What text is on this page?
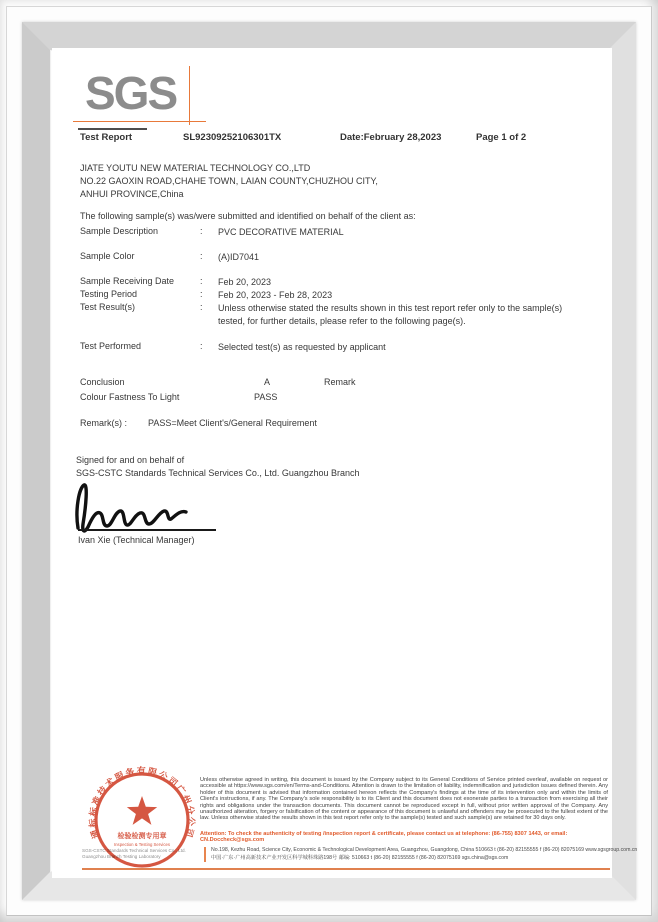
SGS
Test Report	SL92309252106301TX	Date:February 28,2023	Page 1 of 2
JIATE YOUTU NEW MATERIAL TECHNOLOGY CO.,LTD
NO.22 GAOXIN ROAD,CHAHE TOWN, LAIAN COUNTY,CHUZHOU CITY,
ANHUI PROVINCE,China
The following sample(s) was/were submitted and identified on behalf of the client as:
Sample Description	: PVC DECORATIVE MATERIAL
Sample Color	: (A)ID7041
Sample Receiving Date	: Feb 20, 2023
Testing Period	: Feb 20, 2023 - Feb 28, 2023
Test Result(s)	: Unless otherwise stated the results shown in this test report refer only to the sample(s) tested, for further details, please refer to the following page(s).
Test Performed	: Selected test(s) as requested by applicant
Conclusion	A	Remark
Colour Fastness To Light	PASS
Remark(s) : PASS=Meet Client's/General Requirement
Signed for and on behalf of
SGS-CSTC Standards Technical Services Co., Ltd. Guangzhou Branch
Ivan Xie (Technical Manager)
Unless otherwise agreed in writing, this document is issued by the Company subject to its General Conditions of Service printed overleaf, available on request or accessible at https://www.sgs.com/en/Terms-and-Conditions. Attention is drawn to the limitation of liability, indemnification and jurisdiction issues defined therein. Any holder of this document is advised that information contained hereon reflects the Company's findings at the time of its intervention only and within the limits of Client's instructions, if any. The Company's sole responsibility is to its Client and this document does not exonerate parties to a transaction from exercising all their rights and obligations under the transaction documents. This document cannot be reproduced except in full, without prior written approval of the Company. Any unauthorized alteration, forgery or falsification of the content or appearance of this document is unlawful and offenders may be prosecuted to the fullest extent of the law. Unless otherwise stated the results shown in this test report refer only to the sample(s) tested and such sample(s) are retained for 30 days only.
Attention: To check the authenticity of testing /inspection report & certificate, please contact us at telephone: (86-755) 8307 1443, or email: CN.Doccheck@sgs.com
SGS-CSTC Standards Technical Services Co., Ltd.
Guangzhou Branch Testing Laboratory
No.198, Kezhu Road, Science City, Economic & Technological Development Area, Guangzhou, Guangdong, China 510663 t (86-20) 82155555 f (86-20) 82075169 www.sgsgroup.com.cn
中国·广东·广州高新技术产业开发区科学城科珠路198号 邮编: 510663 t (86-20) 82155555 f (86-20) 82075169 sgs.china@sgs.com
通标标准技术服务有限公司广州分公司
检验检测专用章
Inspection & Testing Services
